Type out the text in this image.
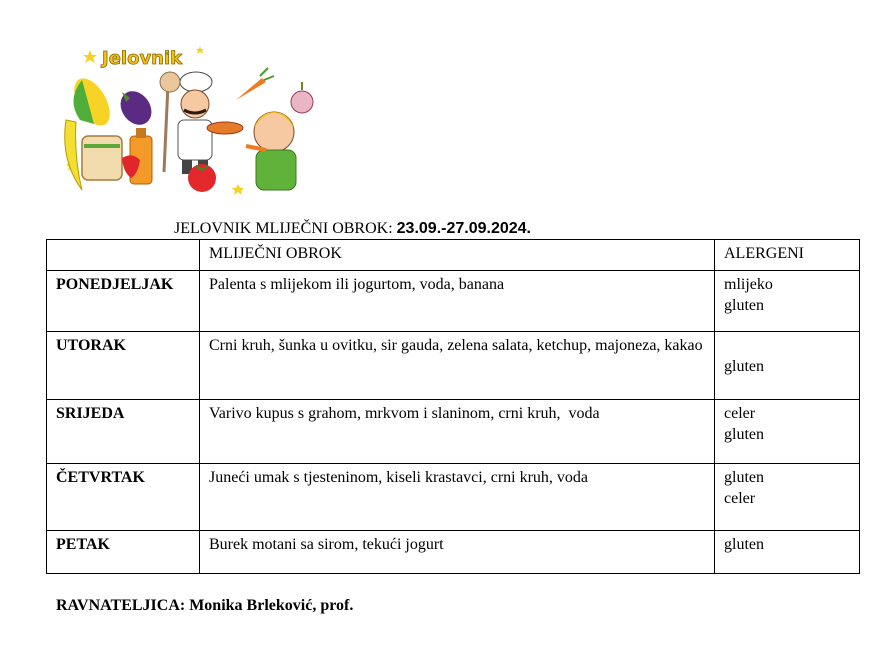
Jelovnik
JELOVNIK MLIJEČNI OBROK: 23.09.-27.09.2024.
	MLIJEČNI OBROK	ALERGENI
PONEDJELJAK	Palenta s mlijekom ili jogurtom, voda, banana	mlijeko
gluten

UTORAK	Crni kruh, šunka u ovitku, sir gauda, zelena salata, ketchup, majoneza, kakao	gluten

SRIJEDA	Varivo kupus s grahom, mrkvom i slaninom, crni kruh,  voda	celer
gluten

ČETVRTAK	Juneći umak s tjesteninom, kiseli krastavci, crni kruh, voda	gluten
celer

PETAK	Burek motani sa sirom, tekući jogurt	gluten
RAVNATELJICA: Monika Brleković, prof.
